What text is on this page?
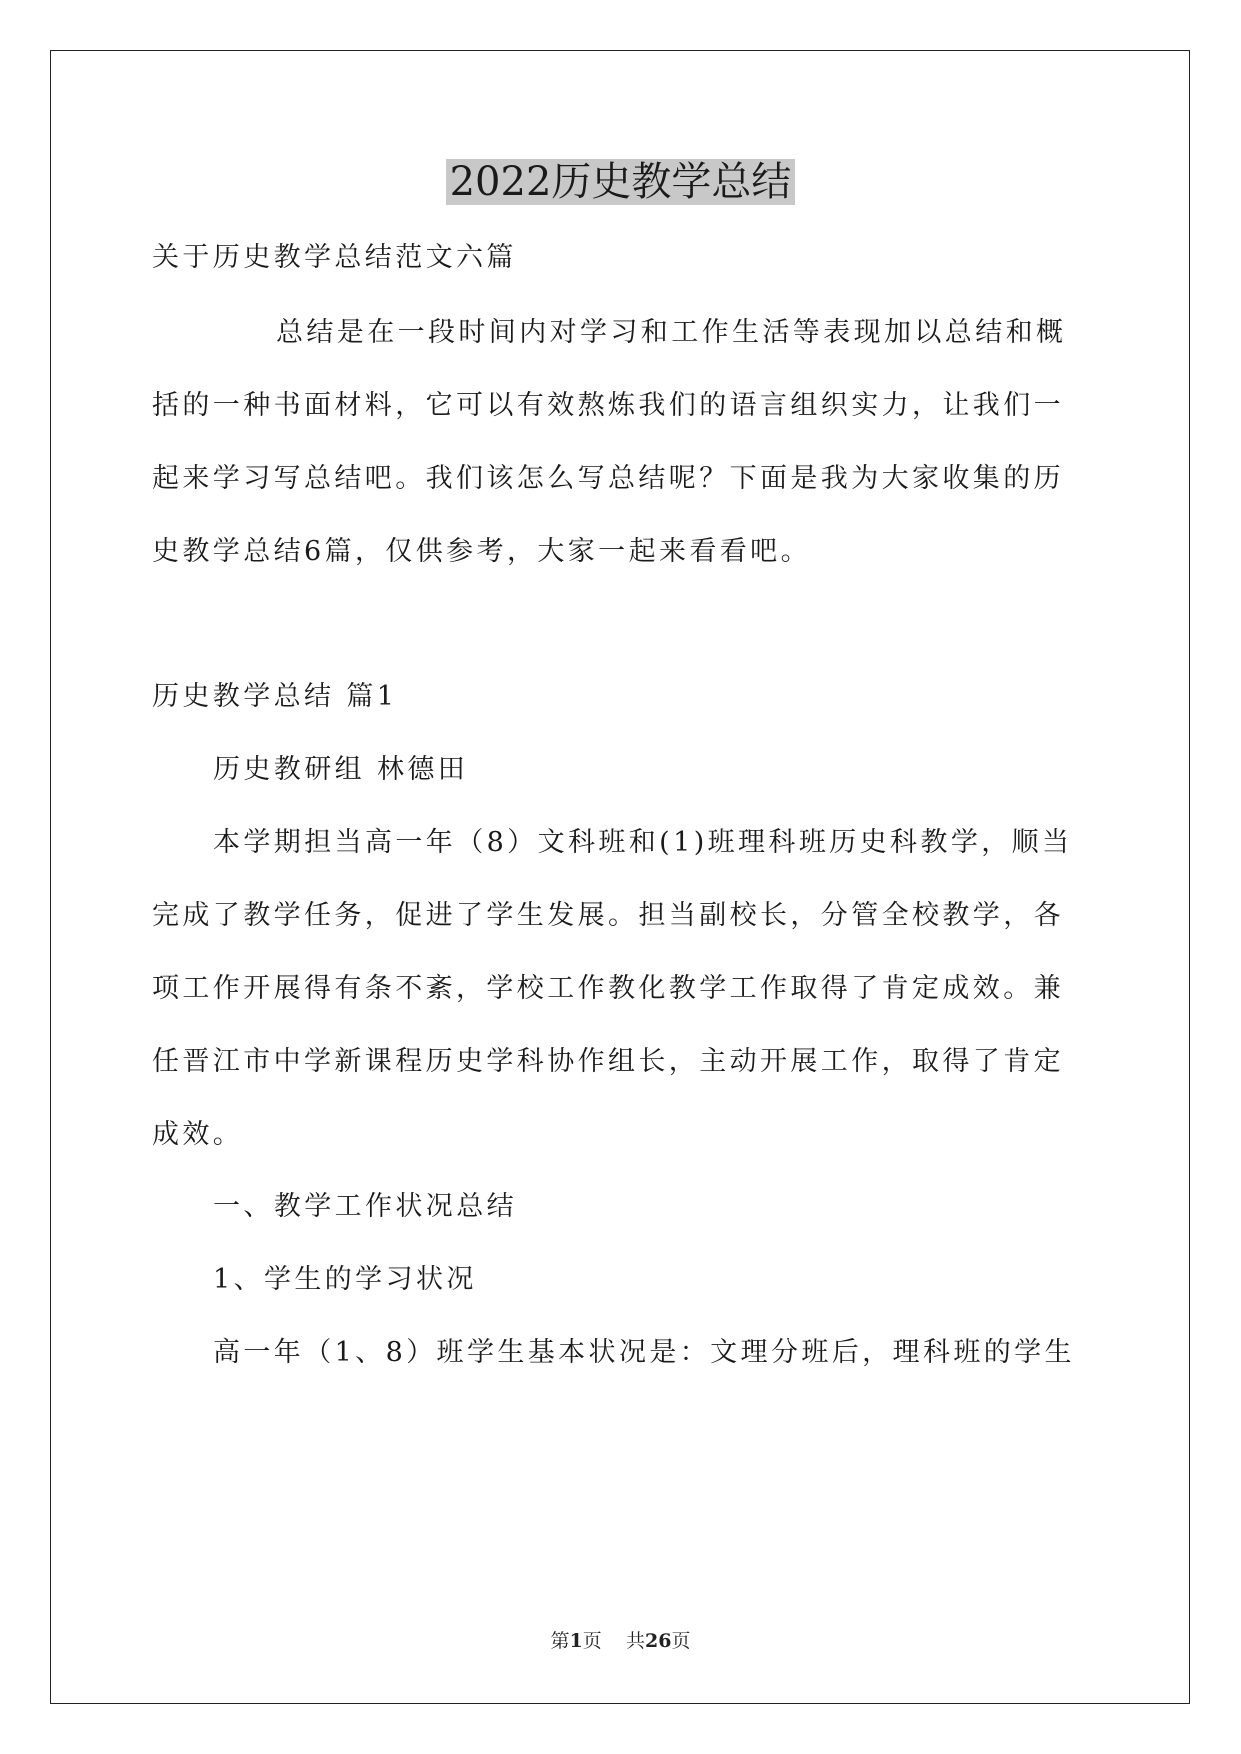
2022历史教学总结
关于历史教学总结范文六篇
总结是在一段时间内对学习和工作生活等表现加以总结和概
括的一种书面材料，它可以有效熬炼我们的语言组织实力，让我们一
起来学习写总结吧。我们该怎么写总结呢？下面是我为大家收集的历
史教学总结6篇，仅供参考，大家一起来看看吧。
历史教学总结 篇1
历史教研组 林德田
本学期担当高一年（8）文科班和(1)班理科班历史科教学，顺当
完成了教学任务，促进了学生发展。担当副校长，分管全校教学，各
项工作开展得有条不紊，学校工作教化教学工作取得了肯定成效。兼
任晋江市中学新课程历史学科协作组长，主动开展工作，取得了肯定
成效。
一、教学工作状况总结
1、学生的学习状况
高一年（1、8）班学生基本状况是：文理分班后，理科班的学生
第1页 共26页
